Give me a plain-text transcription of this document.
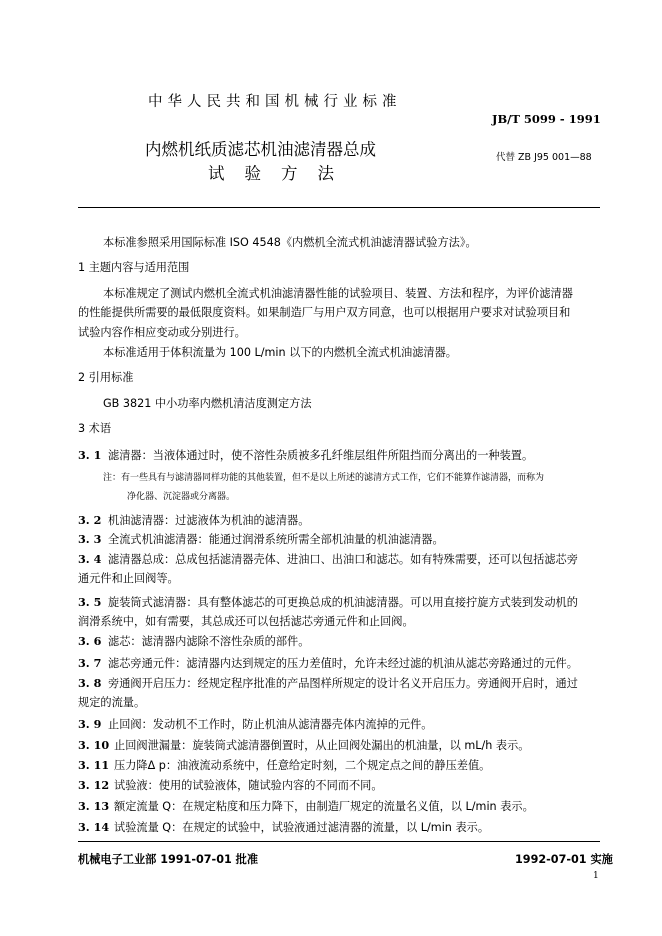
中华人民共和国机械行业标准
JB/T 5099 - 1991
内燃机纸质滤芯机油滤清器总成
试验方法
代替 ZB J95 001—88
本标准参照采用国际标准 ISO 4548《内燃机全流式机油滤清器试验方法》。
1 主题内容与适用范围
本标准规定了测试内燃机全流式机油滤清器性能的试验项目、装置、方法和程序，为评价滤清器
的性能提供所需要的最低限度资料。如果制造厂与用户双方同意，也可以根据用户要求对试验项目和
试验内容作相应变动或分别进行。
本标准适用于体积流量为 100 L/min 以下的内燃机全流式机油滤清器。
2 引用标准
GB 3821 中小功率内燃机清洁度测定方法
3 术语
3. 1 滤清器：当液体通过时，使不溶性杂质被多孔纤维层组件所阻挡而分离出的一种装置。
注：有一些具有与滤清器同样功能的其他装置，但不是以上所述的滤清方式工作，它们不能算作滤清器，而称为
净化器、沉淀器或分离器。
3. 2 机油滤清器：过滤液体为机油的滤清器。
3. 3 全流式机油滤清器：能通过润滑系统所需全部机油量的机油滤清器。
3. 4 滤清器总成：总成包括滤清器壳体、进油口、出油口和滤芯。如有特殊需要，还可以包括滤芯旁
通元件和止回阀等。
3. 5 旋装筒式滤清器：具有整体滤芯的可更换总成的机油滤清器。可以用直接拧旋方式装到发动机的
润滑系统中，如有需要，其总成还可以包括滤芯旁通元件和止回阀。
3. 6 滤芯：滤清器内滤除不溶性杂质的部件。
3. 7 滤芯旁通元件：滤清器内达到规定的压力差值时，允许未经过滤的机油从滤芯旁路通过的元件。
3. 8 旁通阀开启压力：经规定程序批准的产品图样所规定的设计名义开启压力。旁通阀开启时，通过
规定的流量。
3. 9 止回阀：发动机不工作时，防止机油从滤清器壳体内流掉的元件。
3. 10 止回阀泄漏量：旋装筒式滤清器倒置时，从止回阀处漏出的机油量，以 mL/h 表示。
3. 11 压力降Δ p：油液流动系统中，任意给定时刻，二个规定点之间的静压差值。
3. 12 试验液：使用的试验液体，随试验内容的不同而不同。
3. 13 额定流量 Q：在规定粘度和压力降下，由制造厂规定的流量名义值，以 L/min 表示。
3. 14 试验流量 Q：在规定的试验中，试验液通过滤清器的流量，以 L/min 表示。
机械电子工业部 1991-07-01 批准	1992-07-01 实施
1
